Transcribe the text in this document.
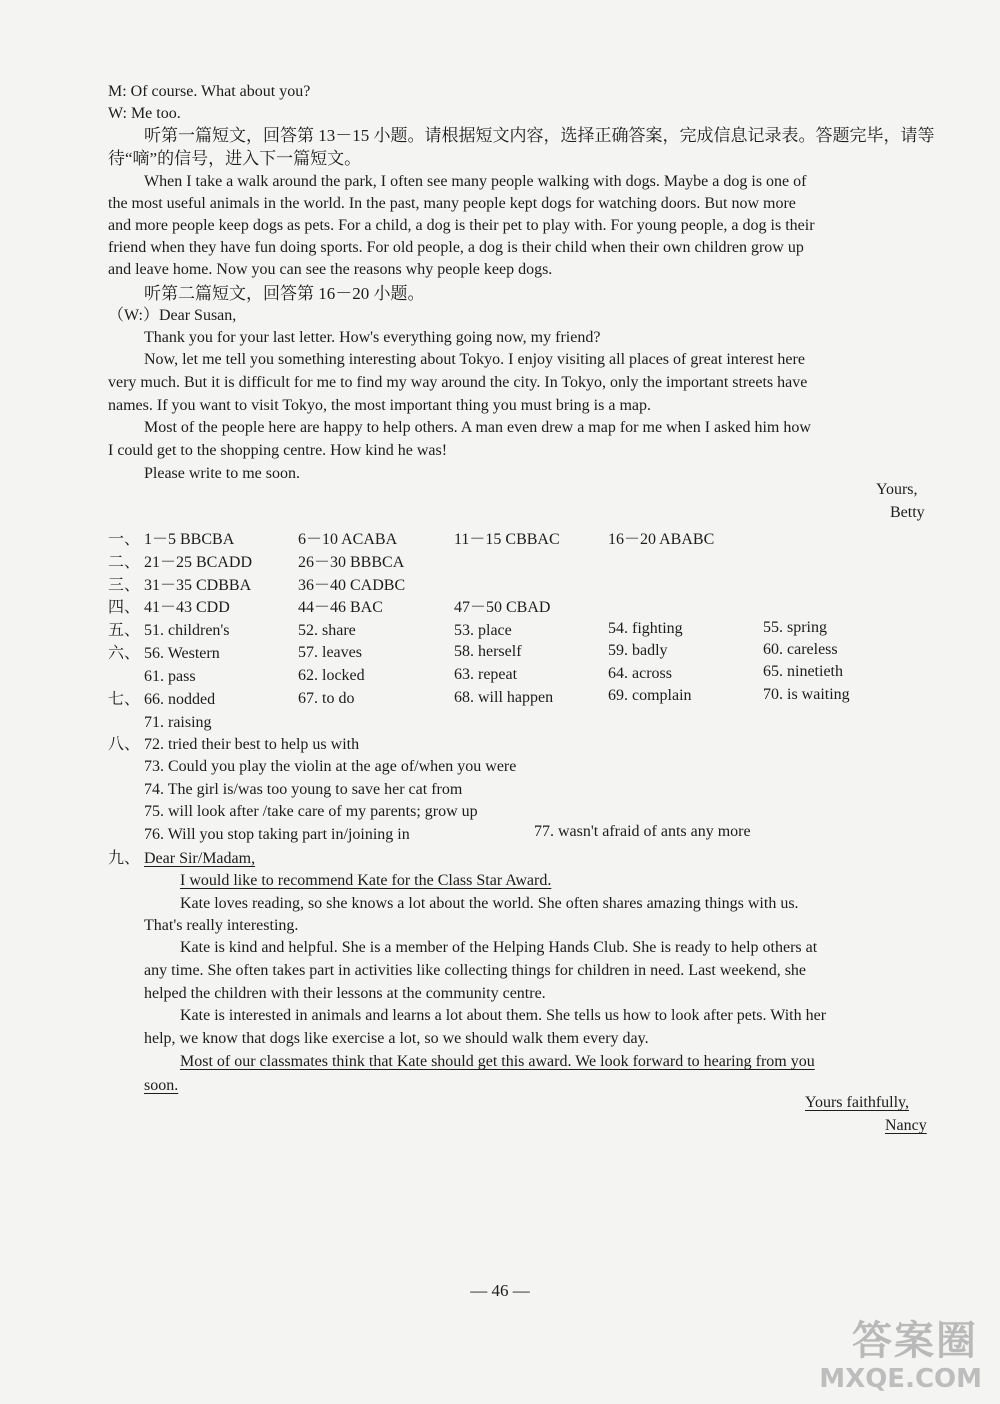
M: Of course. What about you?
W: Me too.
听第一篇短文，回答第 13－15 小题。请根据短文内容，选择正确答案，完成信息记录表。答题完毕，请等
待“嘀”的信号，进入下一篇短文。
When I take a walk around the park, I often see many people walking with dogs. Maybe a dog is one of
the most useful animals in the world. In the past, many people kept dogs for watching doors. But now more
and more people keep dogs as pets. For a child, a dog is their pet to play with. For young people, a dog is their
friend when they have fun doing sports. For old people, a dog is their child when their own children grow up
and leave home. Now you can see the reasons why people keep dogs.
听第二篇短文，回答第 16－20 小题。
（W:）Dear Susan,
Thank you for your last letter. How's everything going now, my friend?
Now, let me tell you something interesting about Tokyo. I enjoy visiting all places of great interest here
very much. But it is difficult for me to find my way around the city. In Tokyo, only the important streets have
names. If you want to visit Tokyo, the most important thing you must bring is a map.
Most of the people here are happy to help others. A man even drew a map for me when I asked him how
I could get to the shopping centre. How kind he was!
Please write to me soon.
Yours,
Betty
一、 1－5 BBCBA	6－10 ACABA	11－15 CBBAC	16－20 ABABC
二、 21－25 BCADD	26－30 BBBCA
三、 31－35 CDBBA	36－40 CADBC
四、 41－43 CDD	44－46 BAC	47－50 CBAD
五、 51. children's	52. share	53. place	54. fighting	55. spring
六、 56. Western	57. leaves	58. herself	59. badly	60. careless
61. pass	62. locked	63. repeat	64. across	65. ninetieth
七、 66. nodded	67. to do	68. will happen	69. complain	70. is waiting
71. raising
八、 72. tried their best to help us with
73. Could you play the violin at the age of/when you were
74. The girl is/was too young to save her cat from
75. will look after /take care of my parents; grow up
76. Will you stop taking part in/joining in	77. wasn't afraid of ants any more
九、 Dear Sir/Madam,
I would like to recommend Kate for the Class Star Award.
Kate loves reading, so she knows a lot about the world. She often shares amazing things with us.
That's really interesting.
Kate is kind and helpful. She is a member of the Helping Hands Club. She is ready to help others at
any time. She often takes part in activities like collecting things for children in need. Last weekend, she
helped the children with their lessons at the community centre.
Kate is interested in animals and learns a lot about them. She tells us how to look after pets. With her
help, we know that dogs like exercise a lot, so we should walk them every day.
Most of our classmates think that Kate should get this award. We look forward to hearing from you
soon.
Yours faithfully,
Nancy
— 46 —
答案圈
MXQE.COM
